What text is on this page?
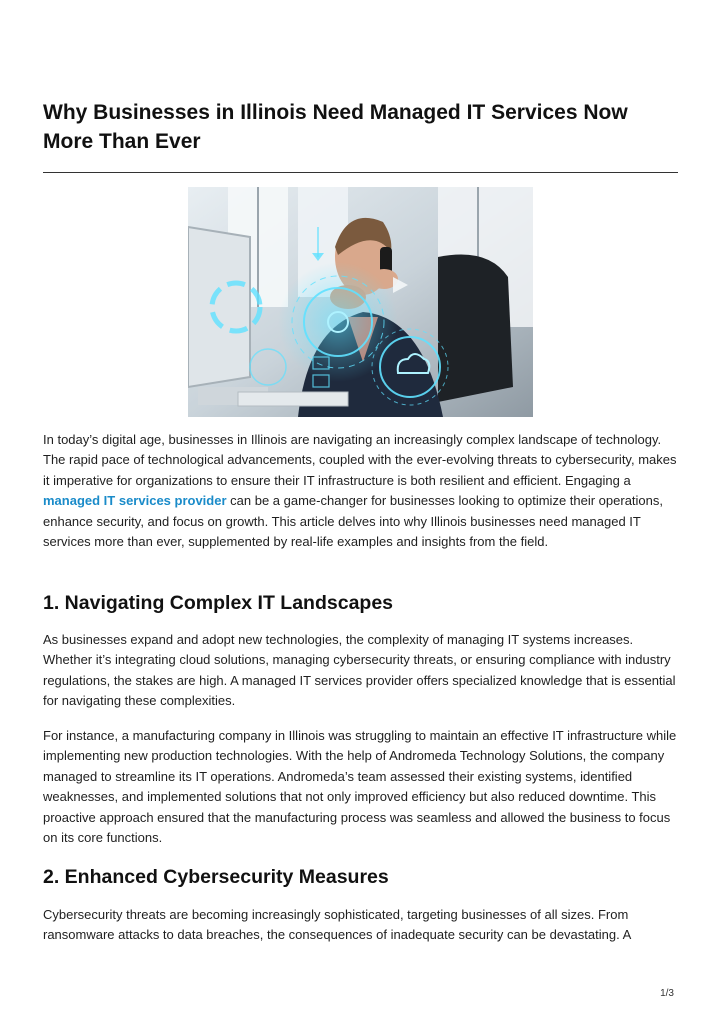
Why Businesses in Illinois Need Managed IT Services Now More Than Ever

In today’s digital age, businesses in Illinois are navigating an increasingly complex landscape of technology. The rapid pace of technological advancements, coupled with the ever-evolving threats to cybersecurity, makes it imperative for organizations to ensure their IT infrastructure is both resilient and efficient. Engaging a managed IT services provider can be a game-changer for businesses looking to optimize their operations, enhance security, and focus on growth. This article delves into why Illinois businesses need managed IT services more than ever, supplemented by real-life examples and insights from the field.

1. Navigating Complex IT Landscapes

As businesses expand and adopt new technologies, the complexity of managing IT systems increases. Whether it’s integrating cloud solutions, managing cybersecurity threats, or ensuring compliance with industry regulations, the stakes are high. A managed IT services provider offers specialized knowledge that is essential for navigating these complexities.

For instance, a manufacturing company in Illinois was struggling to maintain an effective IT infrastructure while implementing new production technologies. With the help of Andromeda Technology Solutions, the company managed to streamline its IT operations. Andromeda’s team assessed their existing systems, identified weaknesses, and implemented solutions that not only improved efficiency but also reduced downtime. This proactive approach ensured that the manufacturing process was seamless and allowed the business to focus on its core functions.

2. Enhanced Cybersecurity Measures

Cybersecurity threats are becoming increasingly sophisticated, targeting businesses of all sizes. From ransomware attacks to data breaches, the consequences of inadequate security can be devastating. A

1/3
